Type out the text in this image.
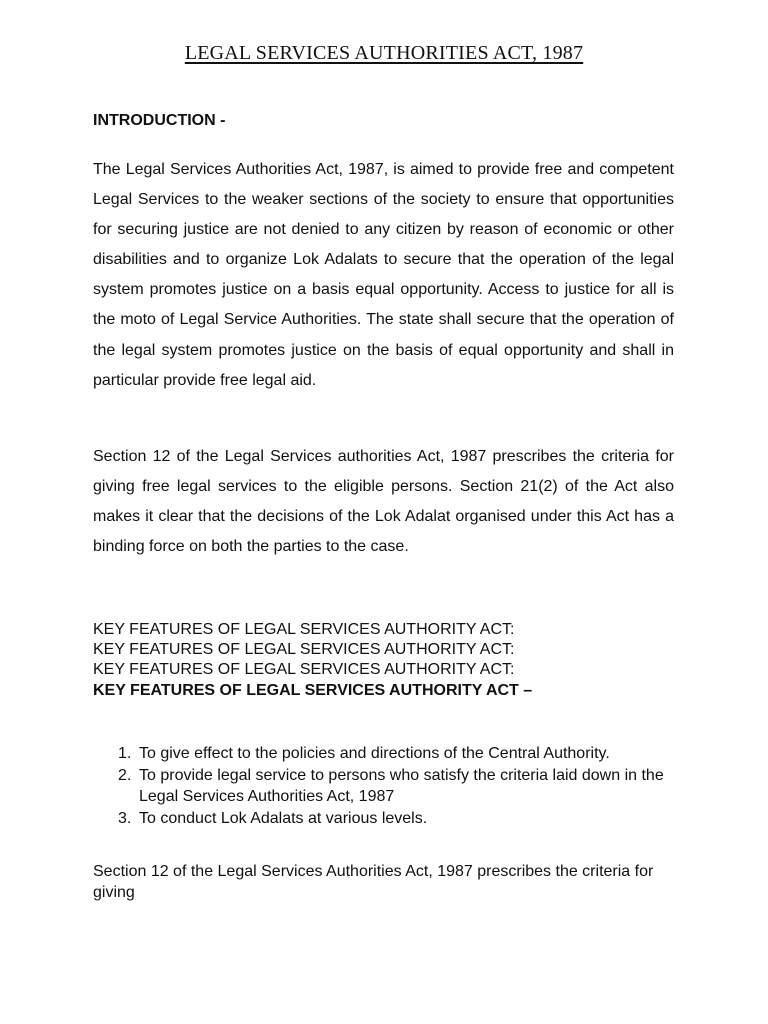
LEGAL SERVICES AUTHORITIES ACT, 1987
INTRODUCTION -
The Legal Services Authorities Act, 1987, is aimed to provide free and competent Legal Services to the weaker sections of the society to ensure that opportunities for securing justice are not denied to any citizen by reason of economic or other disabilities and to organize Lok Adalats to secure that the operation of the legal system promotes justice on a basis equal opportunity. Access to justice for all is the moto of Legal Service Authorities. The state shall secure that the operation of the legal system promotes justice on the basis of equal opportunity and shall in particular provide free legal aid.
Section 12 of the Legal Services authorities Act, 1987 prescribes the criteria for giving free legal services to the eligible persons. Section 21(2) of the Act also makes it clear that the decisions of the Lok Adalat organised under this Act has a binding force on both the parties to the case.
KEY FEATURES OF LEGAL SERVICES AUTHORITY ACT:
KEY FEATURES OF LEGAL SERVICES AUTHORITY ACT:
KEY FEATURES OF LEGAL SERVICES AUTHORITY ACT:
KEY FEATURES OF LEGAL SERVICES AUTHORITY ACT –
1. To give effect to the policies and directions of the Central Authority.
2. To provide legal service to persons who satisfy the criteria laid down in the Legal Services Authorities Act, 1987
3. To conduct Lok Adalats at various levels.
Section 12 of the Legal Services Authorities Act, 1987 prescribes the criteria for giving
